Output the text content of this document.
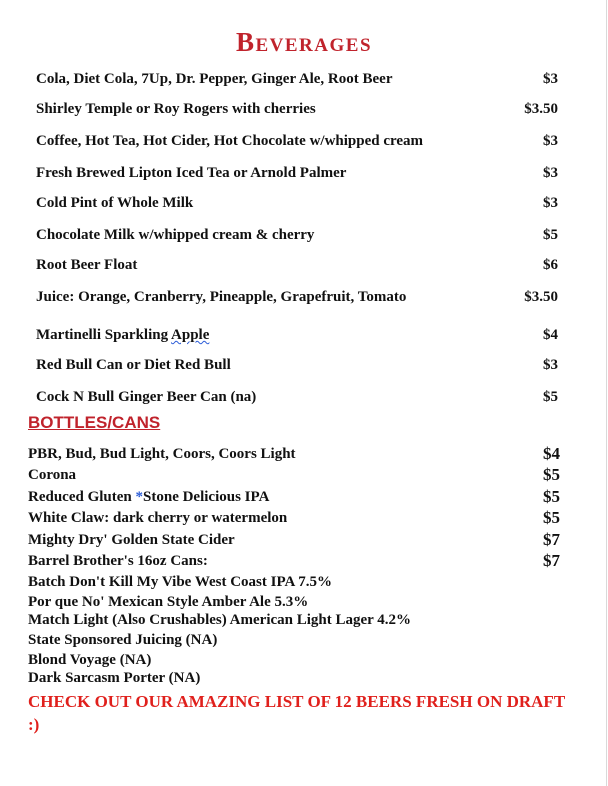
Beverages
Cola, Diet Cola, 7Up, Dr. Pepper, Ginger Ale, Root Beer	$3
Shirley Temple or Roy Rogers with cherries	$3.50
Coffee, Hot Tea, Hot Cider, Hot Chocolate w/whipped cream	$3
Fresh Brewed Lipton Iced Tea or Arnold Palmer	$3
Cold Pint of Whole Milk	$3
Chocolate Milk w/whipped cream & cherry	$5
Root Beer Float	$6
Juice: Orange, Cranberry, Pineapple, Grapefruit, Tomato	$3.50
Martinelli Sparkling Apple	$4
Red Bull Can or Diet Red Bull	$3
Cock N Bull Ginger Beer Can (na)	$5
BOTTLES/CANS
PBR, Bud, Bud Light, Coors, Coors Light	$4
Corona	$5
Reduced Gluten *Stone Delicious IPA	$5
White Claw: dark cherry or watermelon	$5
Mighty Dry' Golden State Cider	$7
Barrel Brother's 16oz Cans:	$7
Batch Don't Kill My Vibe West Coast IPA 7.5%
Por que No' Mexican Style Amber Ale 5.3%
Match Light (Also Crushables) American Light Lager 4.2%
State Sponsored Juicing (NA)
Blond Voyage (NA)
Dark Sarcasm Porter (NA)
CHECK OUT OUR AMAZING LIST OF 12 BEERS FRESH ON DRAFT :)
